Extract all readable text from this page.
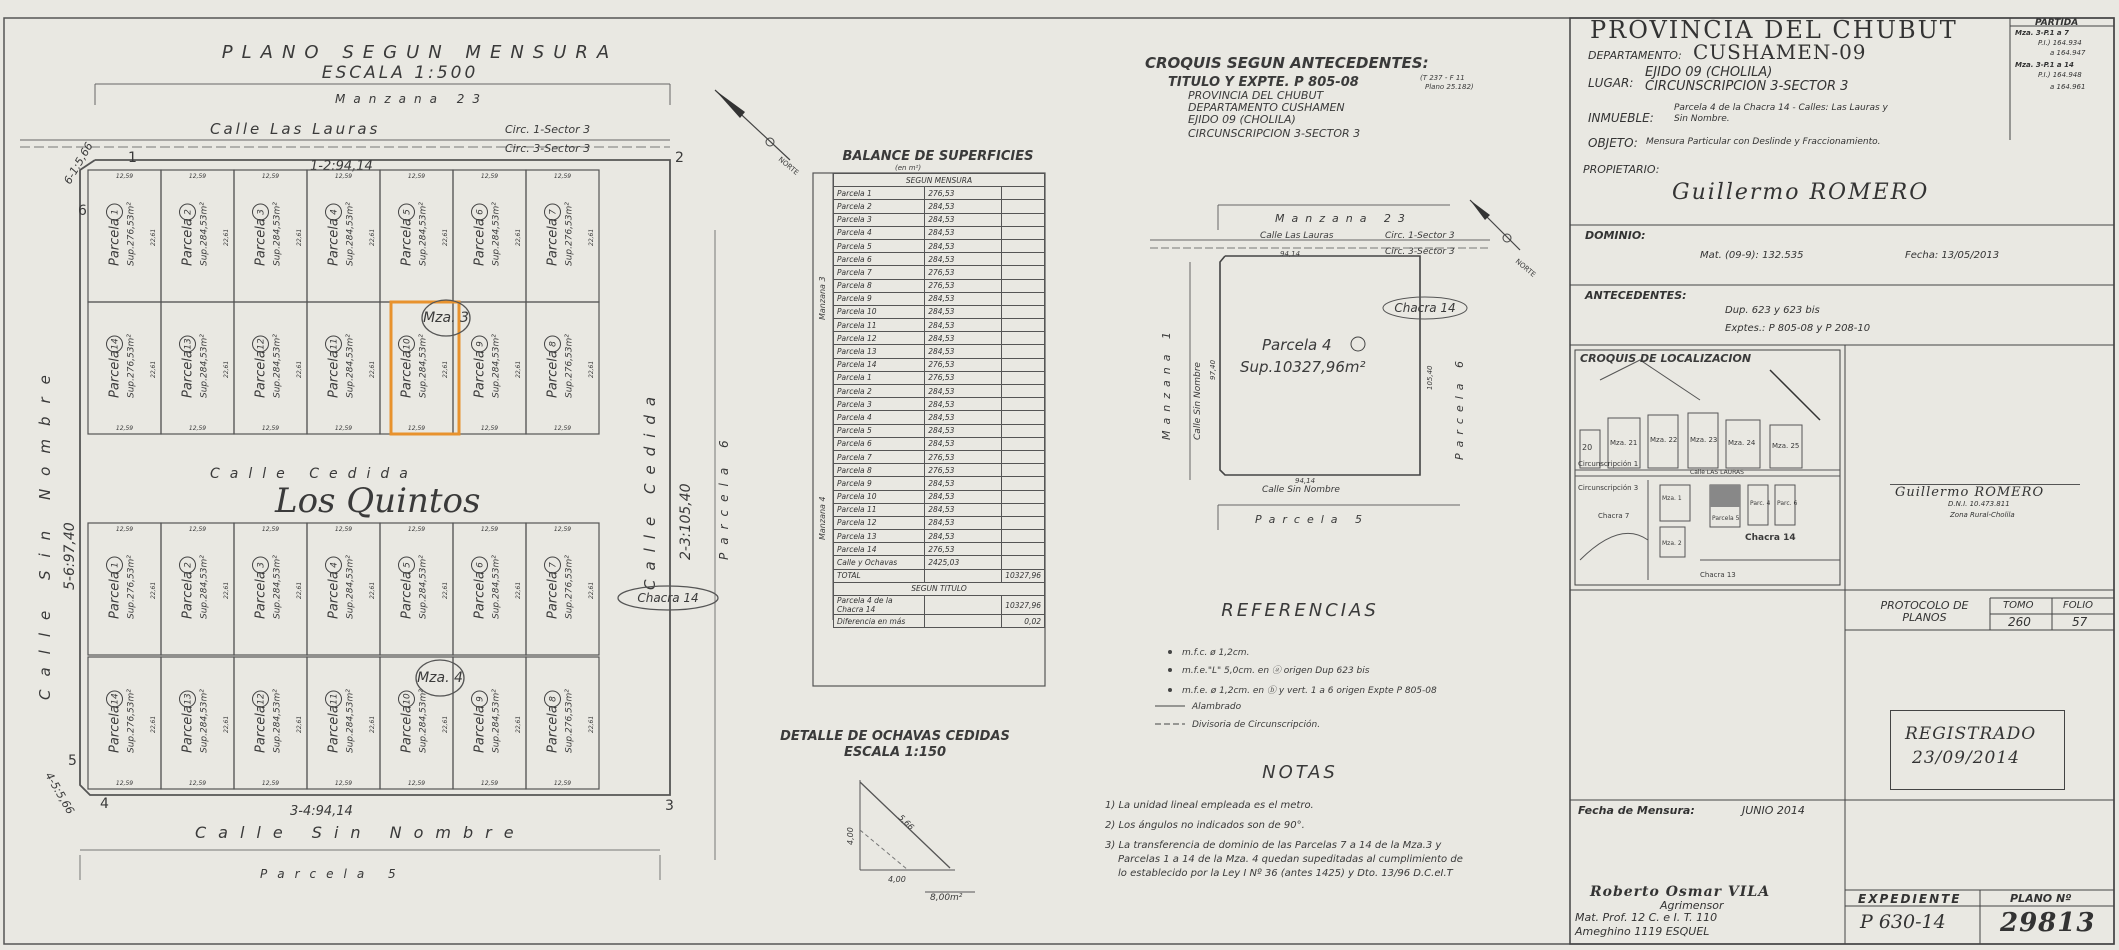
PLANO SEGUN MENSURA
ESCALA 1:500
Manzana 23
Calle Las Lauras	Circ. 1-Sector 3
Circ. 3-Sector 3
1-2:94,14
3-4:94,14
5-6:97,40	2-3:105,40
6-1:5,66
4-5:5,66
1	2
3
4
5
6
Calle Sin Nombre	Calle Cedida	Parcela 6
Parcela
1 Sup.276,53m²
12,59
22,61 Parcela
2 Sup.284,53m²
12,59
22,61 Parcela
3 Sup.284,53m²
12,59
22,61 Parcela
4 Sup.284,53m²
12,59
22,61 Parcela
5 Sup.284,53m²
12,59
22,61 Parcela
6 Sup.284,53m²
12,59
22,61 Parcela
7 Sup.276,53m²
12,59
22,61
Parcela
14 Sup.276,53m²
12,59
22,61 Parcela
13 Sup.284,53m²
12,59
22,61 Parcela
12 Sup.284,53m²
12,59
22,61 Parcela
11 Sup.284,53m²
12,59
22,61 Parcela
10 Sup.284,53m²
12,59
22,61 Parcela
9 Sup.284,53m²
12,59
22,61 Parcela
8 Sup.276,53m²
12,59
22,61
Parcela
1 Sup.276,53m²
12,59
22,61 Parcela
2 Sup.284,53m²
12,59
22,61 Parcela
3 Sup.284,53m²
12,59
22,61 Parcela
4 Sup.284,53m²
12,59
22,61 Parcela
5 Sup.284,53m²
12,59
22,61 Parcela
6 Sup.284,53m²
12,59
22,61 Parcela
7 Sup.276,53m²
12,59
22,61
Parcela
14 Sup.276,53m²
12,59
22,61 Parcela
13 Sup.284,53m²
12,59
22,61 Parcela
12 Sup.284,53m²
12,59
22,61 Parcela
11 Sup.284,53m²
12,59
22,61 Parcela
10 Sup.284,53m²
12,59
22,61 Parcela
9 Sup.284,53m²
12,59
22,61 Parcela
8 Sup.276,53m²
12,59
22,61
Mza. 3
Mza. 4
Calle Cedida
Los Quintos
Calle Sin Nombre
Parcela 5
Chacra 14
NORTE
CROQUIS SEGUN ANTECEDENTES:
TITULO Y EXPTE. P 805-08	(T 237 - F 11
Plano 25.182)
PROVINCIA DEL CHUBUT
DEPARTAMENTO CUSHAMEN
EJIDO 09 (CHOLILA)
CIRCUNSCRIPCION 3-SECTOR 3
Manzana 23
Calle Las Lauras	Circ. 1-Sector 3
Circ. 3-Sector 3
94,14
Parcela 4
Sup.10327,96m²
Chacra 14
Calle Sin Nombre
94,14
Calle Sin Nombre 97,40	105,40
Manzana 1	Parcela 6
Parcela 5
NORTE
BALANCE DE SUPERFICIES
(en m²)
Manzana 3
Manzana 4
DETALLE DE OCHAVAS CEDIDAS
ESCALA 1:150
4,00
4,00
5,66
8,00m²
REFERENCIAS
m.f.c. ø 1,2cm.
m.f.e."L" 5,0cm. en ⓐ origen Dup 623 bis
m.f.e. ø 1,2cm. en ⓑ y vert. 1 a 6 origen Expte P 805-08
Alambrado
Divisoria de Circunscripción.
NOTAS
1) La unidad lineal empleada es el metro.
2) Los ángulos no indicados son de 90°.
3) La transferencia de dominio de las Parcelas 7 a 14 de la Mza.3 y
Parcelas 1 a 14 de la Mza. 4 quedan supeditadas al cumplimiento de
lo establecido por la Ley I Nº 36 (antes 1425) y Dto. 13/96 D.C.eI.T
CROQUIS DE LOCALIZACION
20	Mza. 21 Mza. 22 Mza. 23 Mza. 24 Mza. 25
Circunscripción 1
Circunscripción 3
Calle LAS LAURAS
Chacra 7
Chacra 14
Chacra 13
Mza. 1
Mza. 2
Parcela 5
Parc. 4 Parc. 6
SEGUN MENSURA		
Parcela 1	276,53	
Parcela 2	284,53	
Parcela 3	284,53	
Parcela 4	284,53	
Parcela 5	284,53	
Parcela 6	284,53	
Parcela 7	276,53	
Parcela 8	276,53	
Parcela 9	284,53	
Parcela 10	284,53	
Parcela 11	284,53	
Parcela 12	284,53	
Parcela 13	284,53	
Parcela 14	276,53	
Parcela 1	276,53	
Parcela 2	284,53	
Parcela 3	284,53	
Parcela 4	284,53	
Parcela 5	284,53	
Parcela 6	284,53	
Parcela 7	276,53	
Parcela 8	276,53	
Parcela 9	284,53	
Parcela 10	284,53	
Parcela 11	284,53	
Parcela 12	284,53	
Parcela 13	284,53	
Parcela 14	276,53	
Calle y Ochavas	2425,03	
TOTAL		10327,96
SEGUN TITULO		
Parcela 4 de la Chacra 14		10327,96
Diferencia en más		0,02
PROVINCIA DEL CHUBUT
DEPARTAMENTO: CUSHAMEN-09
LUGAR:
EJIDO 09 (CHOLILA)
CIRCUNSCRIPCION 3-SECTOR 3
INMUEBLE:
Parcela 4 de la Chacra 14 - Calles: Las Lauras y
Sin Nombre.
OBJETO: Mensura Particular con Deslinde y Fraccionamiento.
PROPIETARIO:
Guillermo ROMERO
PARTIDA
Mza. 3-P.1 a 7
P.I.) 164.934
a 164.947
Mza. 3-P.1 a 14
P.I.) 164.948
a 164.961
DOMINIO:
Mat. (09-9): 132.535	Fecha: 13/05/2013
ANTECEDENTES:
Dup. 623 y 623 bis
Exptes.: P 805-08 y P 208-10
Guillermo ROMERO
D.N.I. 10.473.811
Zona Rural-Cholila
PROTOCOLO DE PLANOS
TOMO	FOLIO
260	57
REGISTRADO
23/09/2014
Fecha de Mensura:	JUNIO 2014
Roberto Osmar VILA
Agrimensor
Mat. Prof. 12 C. e I. T. 110
Ameghino 1119 ESQUEL
EXPEDIENTE
P 630-14
PLANO Nº
29813
